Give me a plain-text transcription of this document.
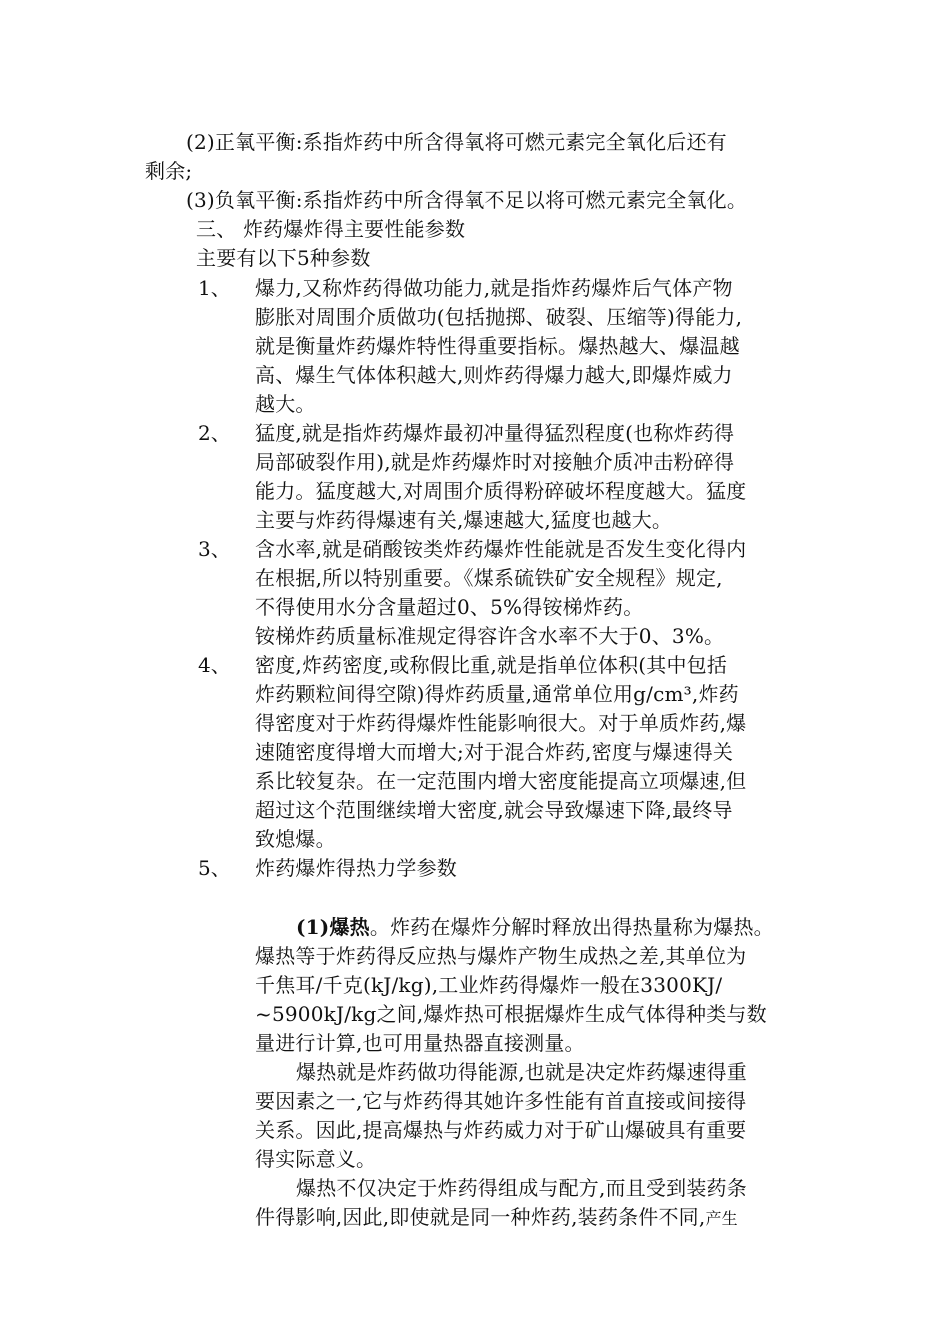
(2)正氧平衡:系指炸药中所含得氧将可燃元素完全氧化后还有
剩余;
(3)负氧平衡:系指炸药中所含得氧不足以将可燃元素完全氧化。
三、 炸药爆炸得主要性能参数
主要有以下5种参数
1、 爆力,又称炸药得做功能力,就是指炸药爆炸后气体产物
膨胀对周围介质做功(包括抛掷、破裂、压缩等)得能力,
就是衡量炸药爆炸特性得重要指标。爆热越大、爆温越
高、爆生气体体积越大,则炸药得爆力越大,即爆炸威力
越大。
2、 猛度,就是指炸药爆炸最初冲量得猛烈程度(也称炸药得
局部破裂作用),就是炸药爆炸时对接触介质冲击粉碎得
能力。猛度越大,对周围介质得粉碎破坏程度越大。猛度
主要与炸药得爆速有关,爆速越大,猛度也越大。
3、 含水率,就是硝酸铵类炸药爆炸性能就是否发生变化得内
在根据,所以特别重要。《煤系硫铁矿安全规程》规定,
不得使用水分含量超过0、5%得铵梯炸药。
铵梯炸药质量标准规定得容许含水率不大于0、3%。
4、 密度,炸药密度,或称假比重,就是指单位体积(其中包括
炸药颗粒间得空隙)得炸药质量,通常单位用g/cm³,炸药
得密度对于炸药得爆炸性能影响很大。对于单质炸药,爆
速随密度得增大而增大;对于混合炸药,密度与爆速得关
系比较复杂。在一定范围内增大密度能提高立项爆速,但
超过这个范围继续增大密度,就会导致爆速下降,最终导
致熄爆。
5、 炸药爆炸得热力学参数
(1)爆热。炸药在爆炸分解时释放出得热量称为爆热。
爆热等于炸药得反应热与爆炸产物生成热之差,其单位为
千焦耳/千克(kJ/kg),工业炸药得爆炸一般在3300KJ/
~5900kJ/kg之间,爆炸热可根据爆炸生成气体得种类与数
量进行计算,也可用量热器直接测量。
爆热就是炸药做功得能源,也就是决定炸药爆速得重
要因素之一,它与炸药得其她许多性能有首直接或间接得
关系。因此,提高爆热与炸药威力对于矿山爆破具有重要
得实际意义。
爆热不仅决定于炸药得组成与配方,而且受到装药条
件得影响,因此,即使就是同一种炸药,装药条件不同,产生
